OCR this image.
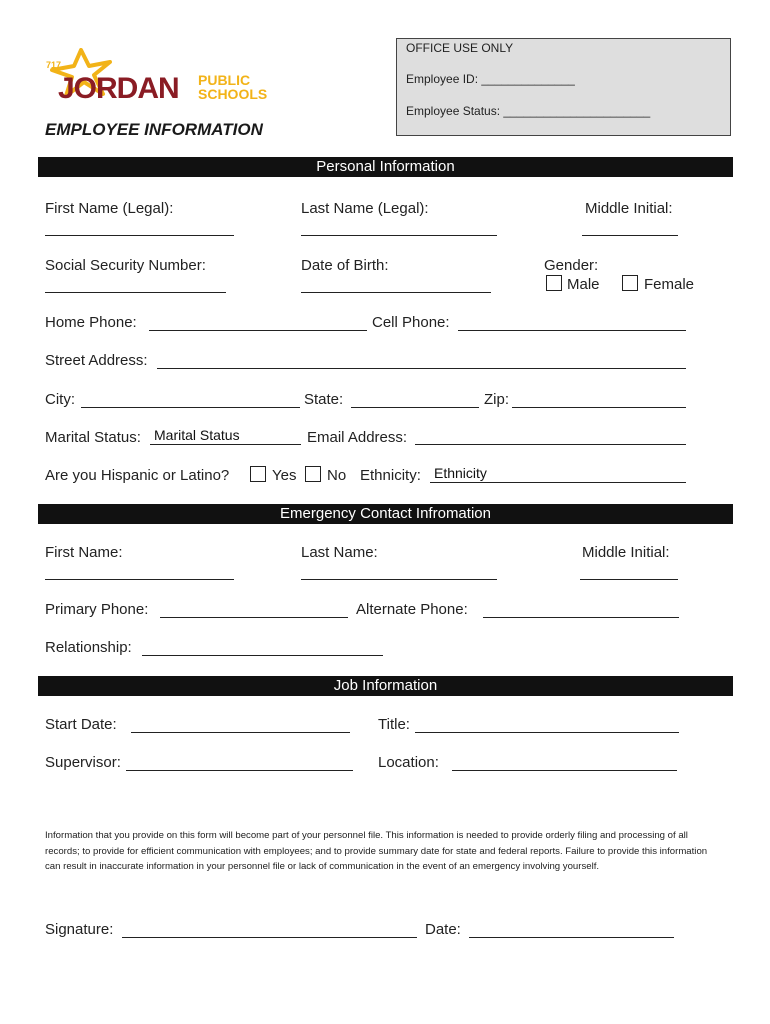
717
JORDAN PUBLIC
SCHOOLS
OFFICE USE ONLY
Employee ID: ______________
Employee Status: ______________________
EMPLOYEE INFORMATION
Personal Information
First Name (Legal):	Last Name (Legal):	Middle Initial:
Social Security Number:	Date of Birth:	Gender:
Male	Female
Home Phone:	Cell Phone:
Street Address:
City:	State:	Zip:
Marital Status: Marital Status	Email Address:
Are you Hispanic or Latino?	Yes No Ethnicity: Ethnicity
Emergency Contact Infromation
First Name:	Last Name:	Middle Initial:
Primary Phone:	Alternate Phone:
Relationship:
Job Information
Start Date:	Title:
Supervisor:	Location:
Information that you provide on this form will become part of your personnel file. This information is needed to provide orderly filing and processing of all records; to provide for efficient communication with employees; and to provide summary date for state and federal reports. Failure to provide this information can result in inaccurate information in your personnel file or lack of communication in the event of an emergency involving yourself.
Signature:	Date:
